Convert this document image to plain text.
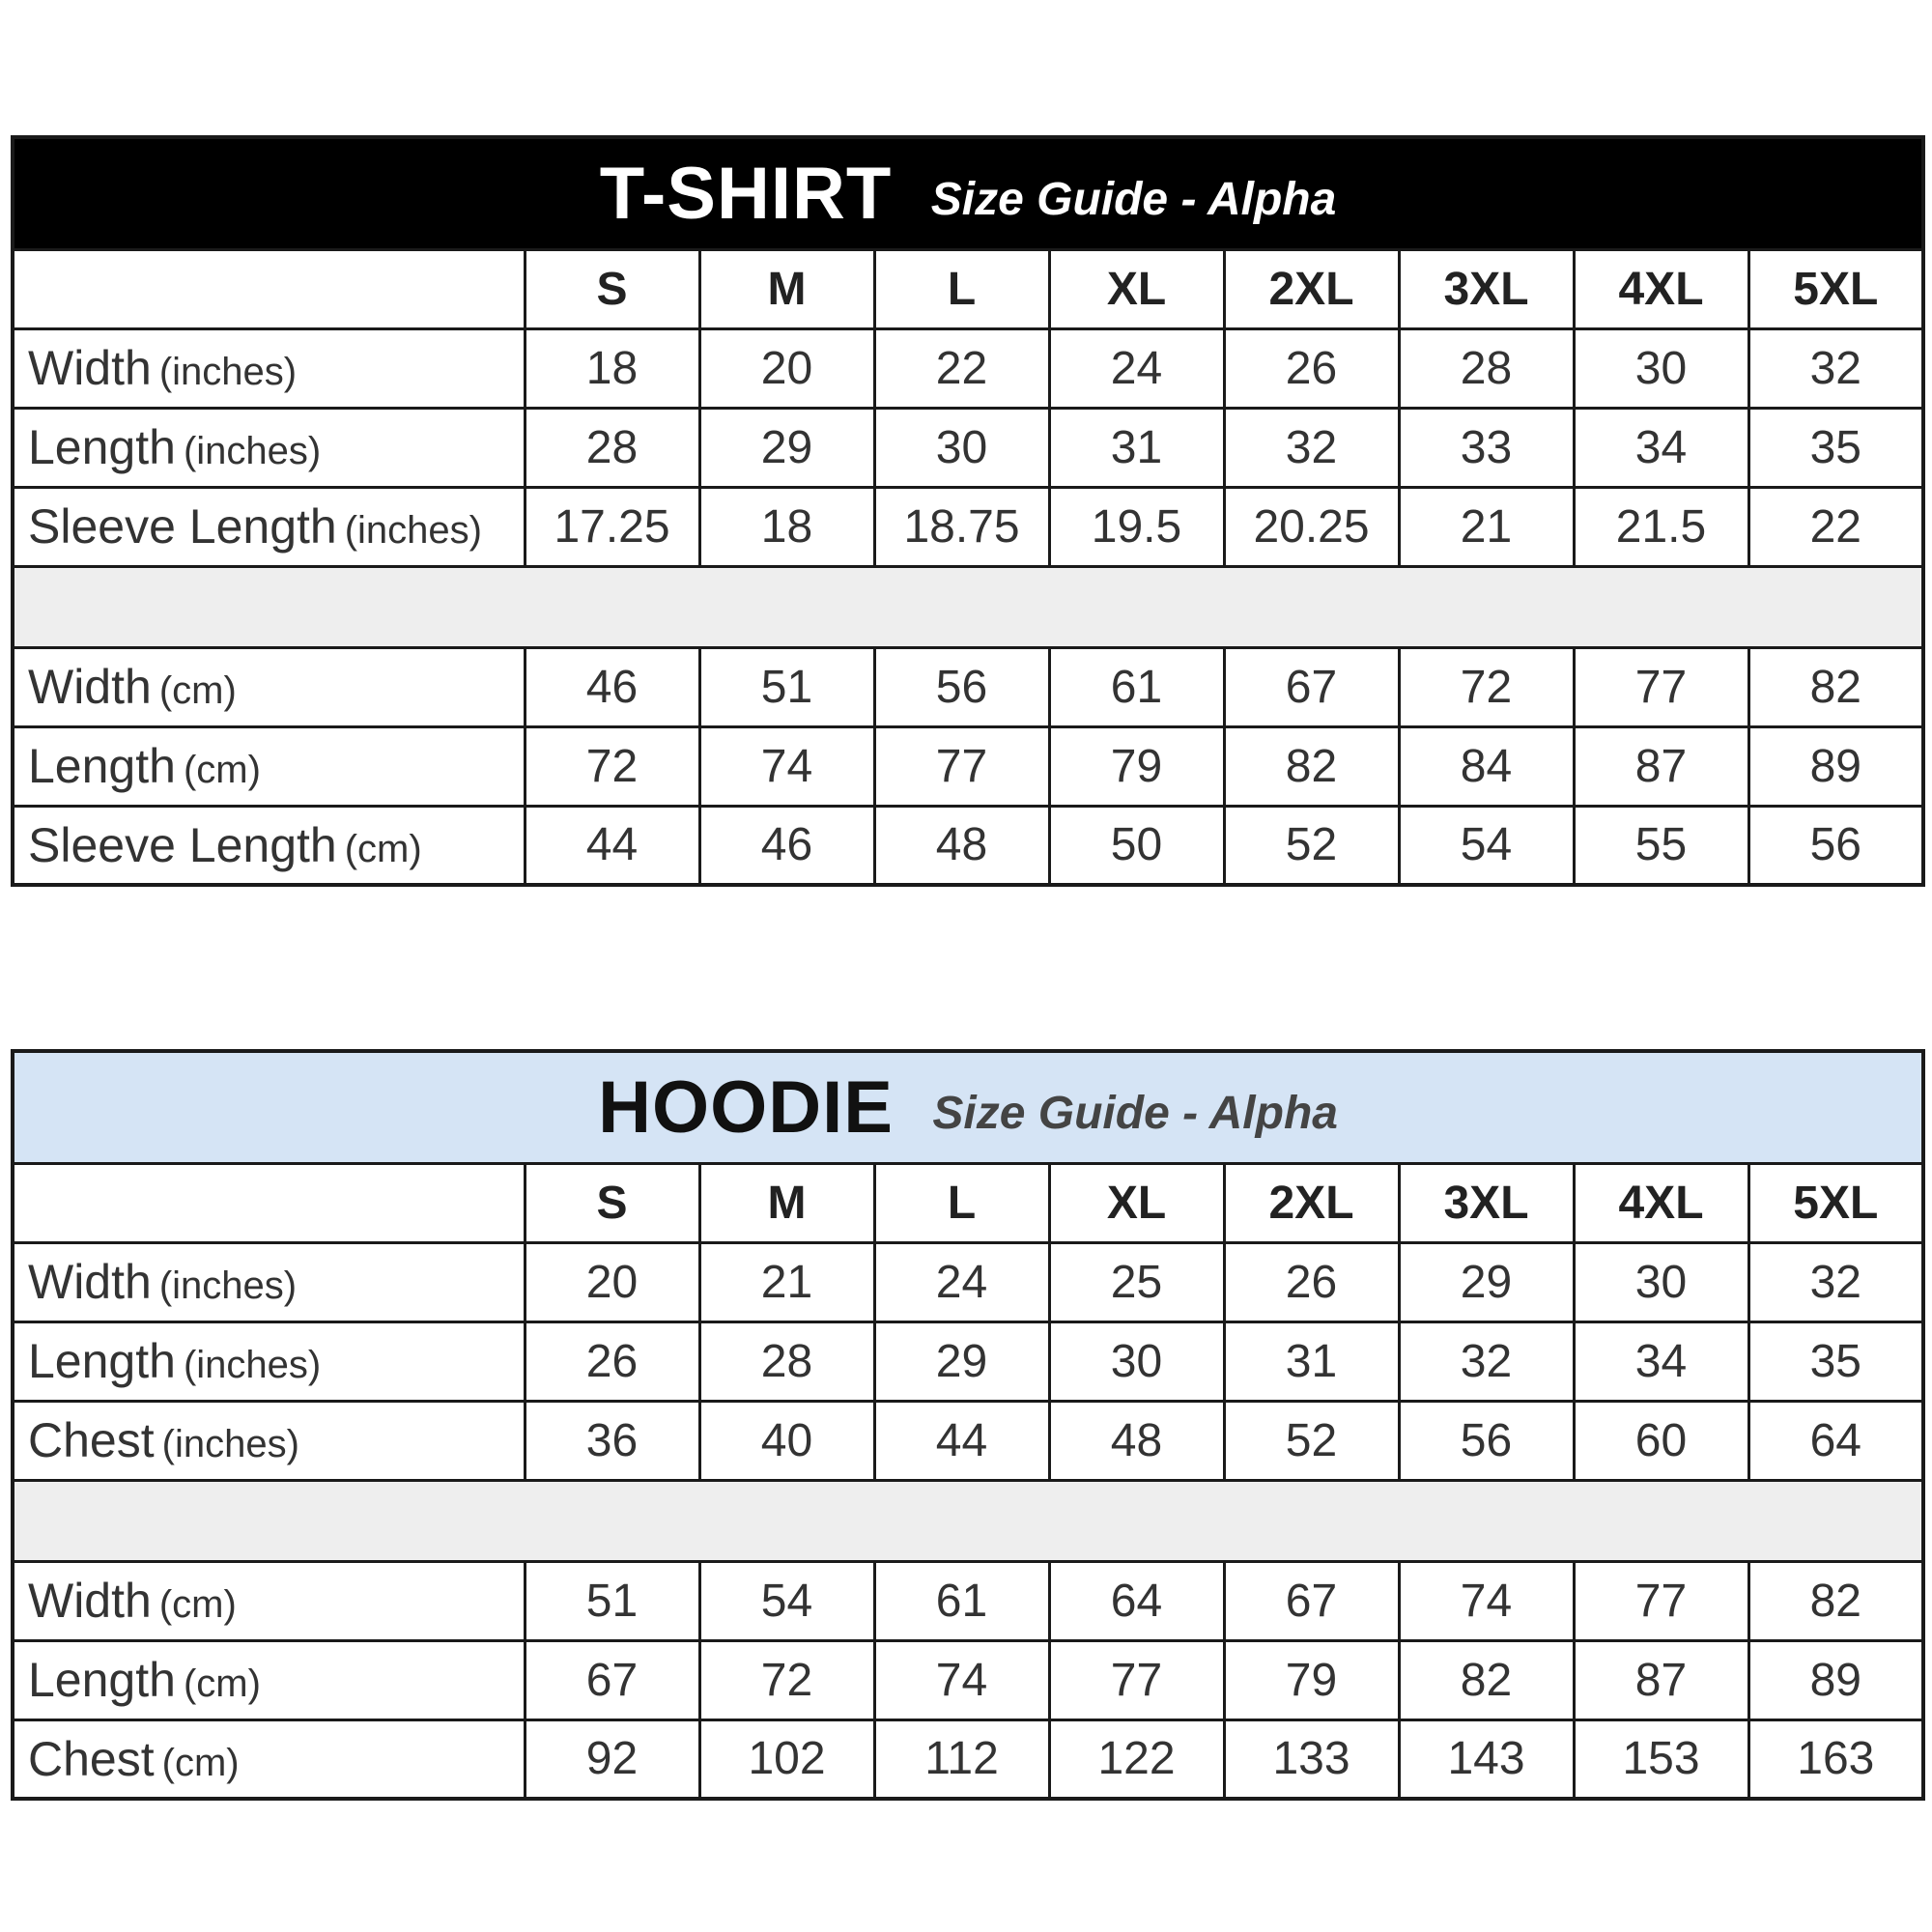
T-SHIRT Size Guide - Alpha								
	S	M	L	XL	2XL	3XL	4XL	5XL
Width (inches)	18	20	22	24	26	28	30	32
Length (inches)	28	29	30	31	32	33	34	35
Sleeve Length (inches)	17.25	18	18.75	19.5	20.25	21	21.5	22

Width (cm)	46	51	56	61	67	72	77	82
Length (cm)	72	74	77	79	82	84	87	89
Sleeve Length (cm)	44	46	48	50	52	54	55	56
HOODIE Size Guide - Alpha								
	S	M	L	XL	2XL	3XL	4XL	5XL
Width (inches)	20	21	24	25	26	29	30	32
Length (inches)	26	28	29	30	31	32	34	35
Chest (inches)	36	40	44	48	52	56	60	64

Width (cm)	51	54	61	64	67	74	77	82
Length (cm)	67	72	74	77	79	82	87	89
Chest (cm)	92	102	112	122	133	143	153	163
